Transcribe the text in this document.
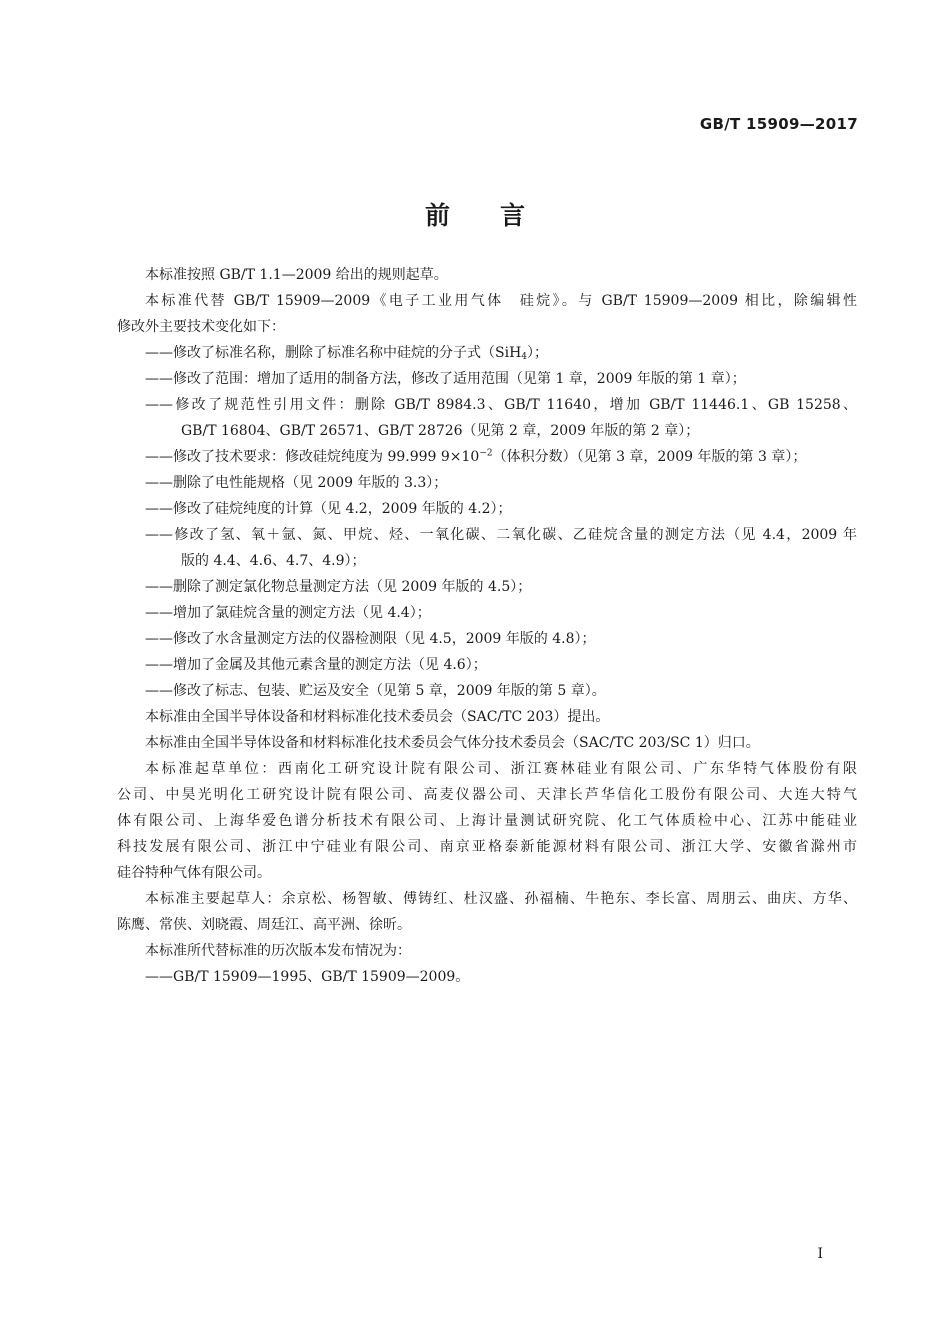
GB/T 15909—2017
前言
本标准按照 GB/T 1.1—2009 给出的规则起草。
本标准代替 GB/T 15909—2009《电子工业用气体　硅烷》。与 GB/T 15909—2009 相比，除编辑性
修改外主要技术变化如下：
——修改了标准名称，删除了标准名称中硅烷的分子式（SiH$_4$）；
——修改了范围：增加了适用的制备方法，修改了适用范围（见第 1 章，2009 年版的第 1 章）；
——修改了规范性引用文件：删除 GB/T 8984.3、GB/T 11640，增加 GB/T 11446.1、GB 15258、
GB/T 16804、GB/T 26571、GB/T 28726（见第 2 章，2009 年版的第 2 章）；
——修改了技术要求：修改硅烷纯度为 99.999 $9\times 10^{-2}$（体积分数）（见第 3 章，2009 年版的第 3 章）；
——删除了电性能规格（见 2009 年版的 3.3）；
——修改了硅烷纯度的计算（见 4.2，2009 年版的 4.2）；
——修改了氢、氧＋氩、氮、甲烷、烃、一氧化碳、二氧化碳、乙硅烷含量的测定方法（见 4.4，2009 年
版的 4.4、4.6、4.7、4.9）；
——删除了测定氯化物总量测定方法（见 2009 年版的 4.5）；
——增加了氯硅烷含量的测定方法（见 4.4）；
——修改了水含量测定方法的仪器检测限（见 4.5，2009 年版的 4.8）；
——增加了金属及其他元素含量的测定方法（见 4.6）；
——修改了标志、包装、贮运及安全（见第 5 章，2009 年版的第 5 章）。
本标准由全国半导体设备和材料标准化技术委员会（SAC/TC 203）提出。
本标准由全国半导体设备和材料标准化技术委员会气体分技术委员会（SAC/TC 203/SC 1）归口。
本标准起草单位：西南化工研究设计院有限公司、浙江赛林硅业有限公司、广东华特气体股份有限
公司、中昊光明化工研究设计院有限公司、高麦仪器公司、天津长芦华信化工股份有限公司、大连大特气
体有限公司、上海华爱色谱分析技术有限公司、上海计量测试研究院、化工气体质检中心、江苏中能硅业
科技发展有限公司、浙江中宁硅业有限公司、南京亚格泰新能源材料有限公司、浙江大学、安徽省滁州市
硅谷特种气体有限公司。
本标准主要起草人：余京松、杨智敏、傅铸红、杜汉盛、孙福楠、牛艳东、李长富、周朋云、曲庆、方华、
陈鹰、常侠、刘晓霞、周廷江、高平洲、徐昕。
本标准所代替标准的历次版本发布情况为：
——GB/T 15909—1995、GB/T 15909—2009。
I
